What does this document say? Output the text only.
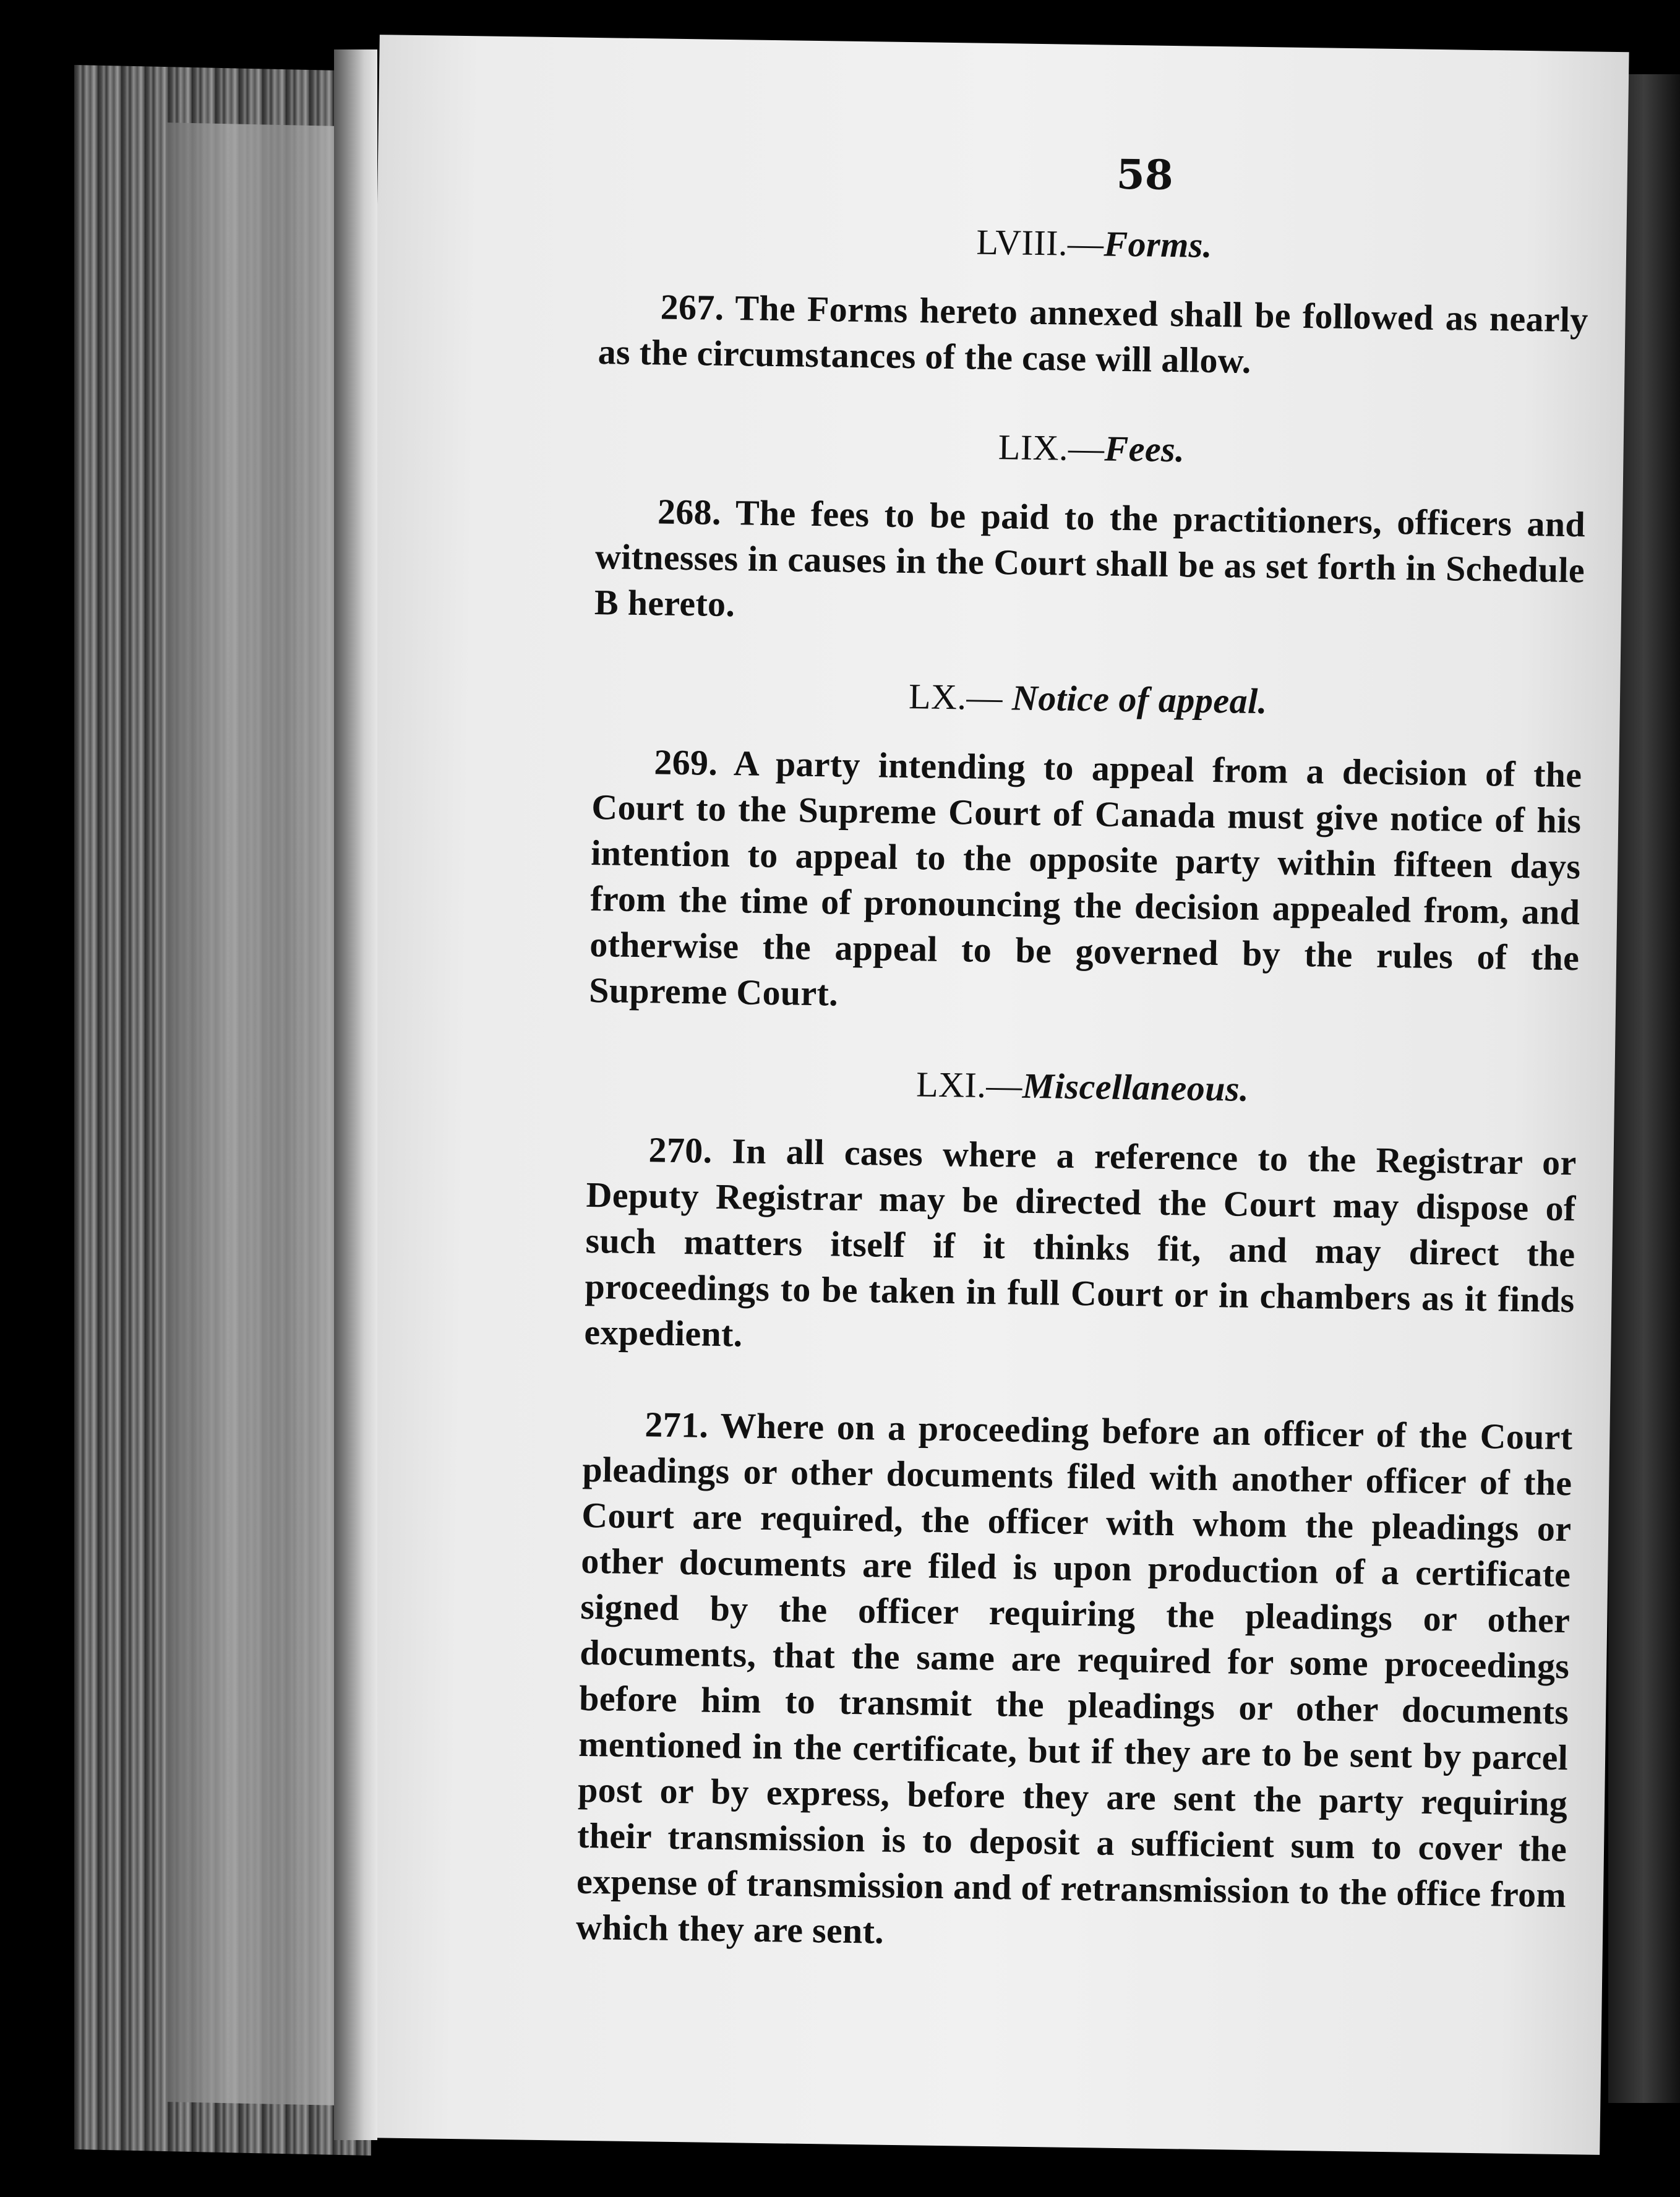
58
LVIII.—Forms.

267. The Forms hereto annexed shall be followed as nearly as the circumstances of the case will allow.

LIX.—Fees.

268. The fees to be paid to the practitioners, officers and witnesses in causes in the Court shall be as set forth in Schedule B hereto.

LX.— Notice of appeal.

269. A party intending to appeal from a decision of the Court to the Supreme Court of Canada must give notice of his intention to appeal to the opposite party within fifteen days from the time of pronouncing the decision appealed from, and otherwise the appeal to be governed by the rules of the Supreme Court.

LXI.—Miscellaneous.

270. In all cases where a reference to the Registrar or Deputy Registrar may be directed the Court may dispose of such matters itself if it thinks fit, and may direct the proceedings to be taken in full Court or in chambers as it finds expedient.

271. Where on a proceeding before an officer of the Court pleadings or other documents filed with another officer of the Court are required, the officer with whom the pleadings or other documents are filed is upon production of a certificate signed by the officer requiring the pleadings or other documents, that the same are required for some proceedings before him to transmit the pleadings or other documents mentioned in the certificate, but if they are to be sent by parcel post or by express, before they are sent the party requiring their transmission is to deposit a sufficient sum to cover the expense of transmission and of retransmission to the office from which they are sent.
